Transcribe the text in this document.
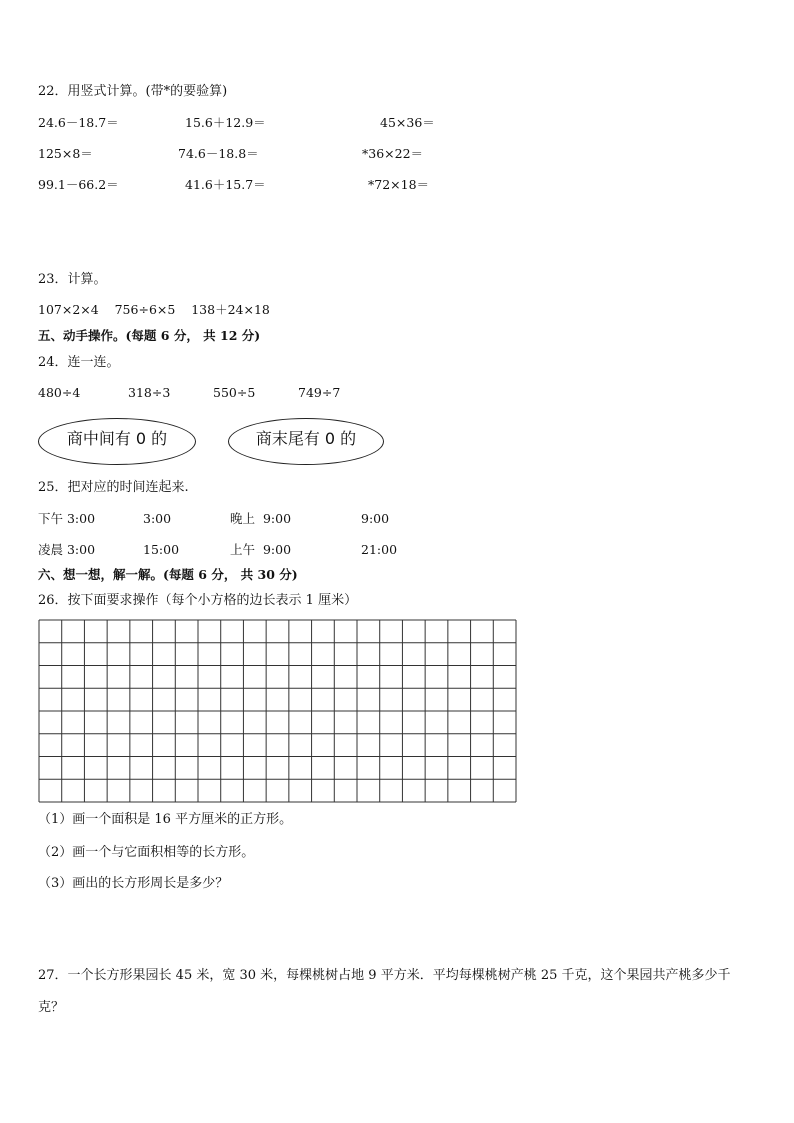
22．用竖式计算。(带*的要验算)
24.6－18.7＝	15.6＋12.9＝	45×36＝
125×8＝	74.6－18.8＝	*36×22＝
99.1－66.2＝	41.6＋15.7＝	*72×18＝
23．计算。
107×2×4    756÷6×5    138＋24×18
五、动手操作。(每题 6 分， 共 12 分)
24．连一连。
480÷4	318÷3	550÷5	749÷7
商中间有 0 的	商末尾有 0 的
25．把对应的时间连起来.
下午 3:00	3:00	晚上  9:00	9:00
凌晨 3:00	15:00	上午  9:00	21:00
六、想一想，解一解。(每题 6 分， 共 30 分)
26．按下面要求操作（每个小方格的边长表示 1 厘米）
（1）画一个面积是 16 平方厘米的正方形。
（2）画一个与它面积相等的长方形。
（3）画出的长方形周长是多少？
27．一个长方形果园长 45 米，宽 30 米，每棵桃树占地 9 平方米．平均每棵桃树产桃 25 千克，这个果园共产桃多少千
克？
